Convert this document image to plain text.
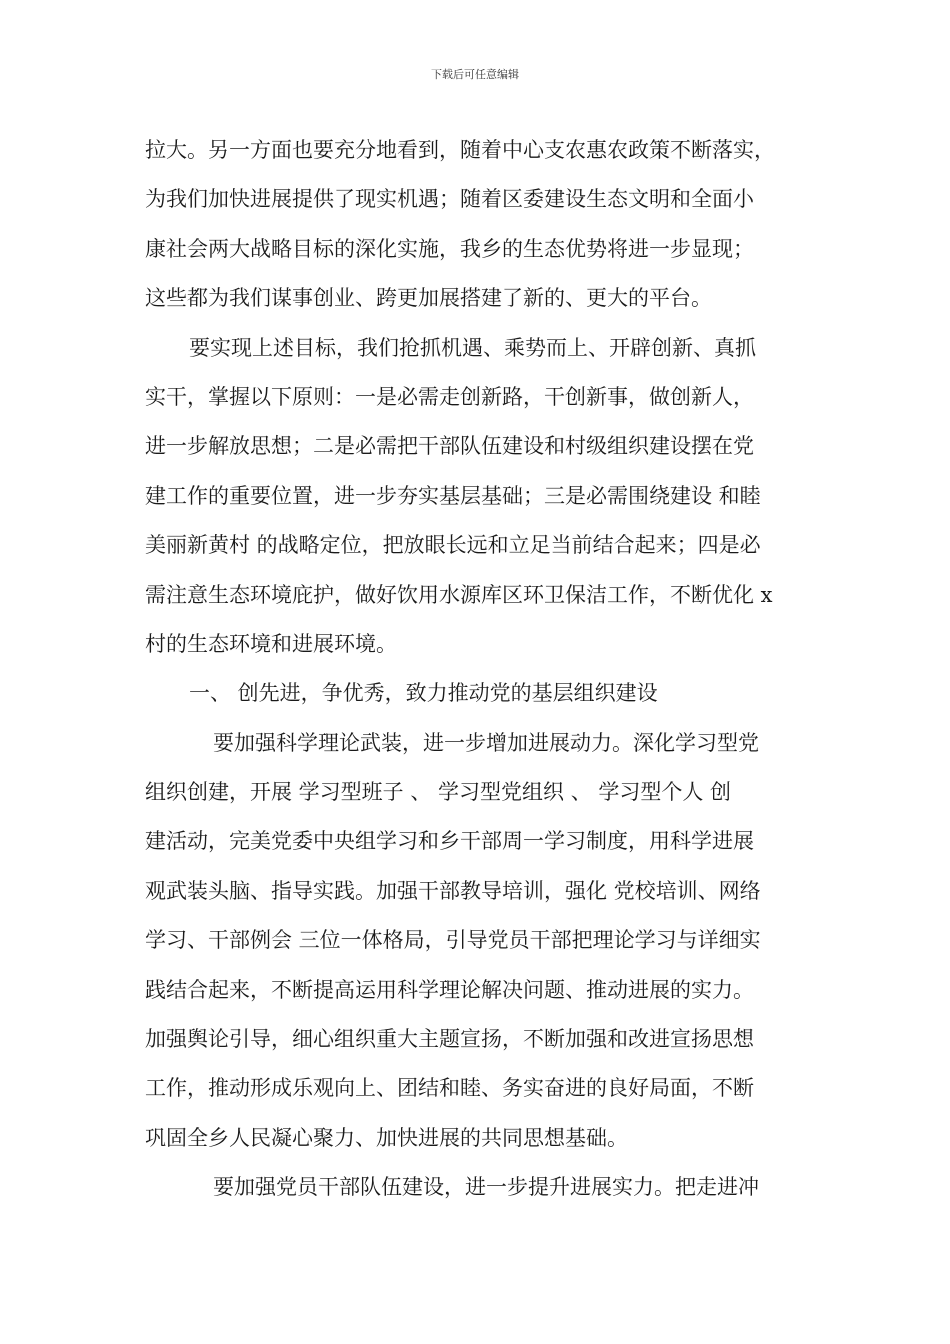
下载后可任意编辑
拉大。另一方面也要充分地看到，随着中心支农惠农政策不断落实，
为我们加快进展提供了现实机遇；随着区委建设生态文明和全面小
康社会两大战略目标的深化实施，我乡的生态优势将进一步显现；
这些都为我们谋事创业、跨更加展搭建了新的、更大的平台。
要实现上述目标，我们抢抓机遇、乘势而上、开辟创新、真抓
实干，掌握以下原则：一是必需走创新路，干创新事，做创新人，
进一步解放思想；二是必需把干部队伍建设和村级组织建设摆在党
建工作的重要位置，进一步夯实基层基础；三是必需围绕建设 和睦
美丽新黄村 的战略定位，把放眼长远和立足当前结合起来；四是必
需注意生态环境庇护，做好饮用水源库区环卫保洁工作，不断优化 x
村的生态环境和进展环境。
一、 创先进，争优秀，致力推动党的基层组织建设
要加强科学理论武装，进一步增加进展动力。深化学习型党
组织创建，开展 学习型班子 、 学习型党组织 、 学习型个人 创
建活动，完美党委中央组学习和乡干部周一学习制度，用科学进展
观武装头脑、指导实践。加强干部教导培训，强化 党校培训、网络
学习、干部例会 三位一体格局，引导党员干部把理论学习与详细实
践结合起来，不断提高运用科学理论解决问题、推动进展的实力。
加强舆论引导，细心组织重大主题宣扬，不断加强和改进宣扬思想
工作，推动形成乐观向上、团结和睦、务实奋进的良好局面，不断
巩固全乡人民凝心聚力、加快进展的共同思想基础。
要加强党员干部队伍建设，进一步提升进展实力。把走进冲
